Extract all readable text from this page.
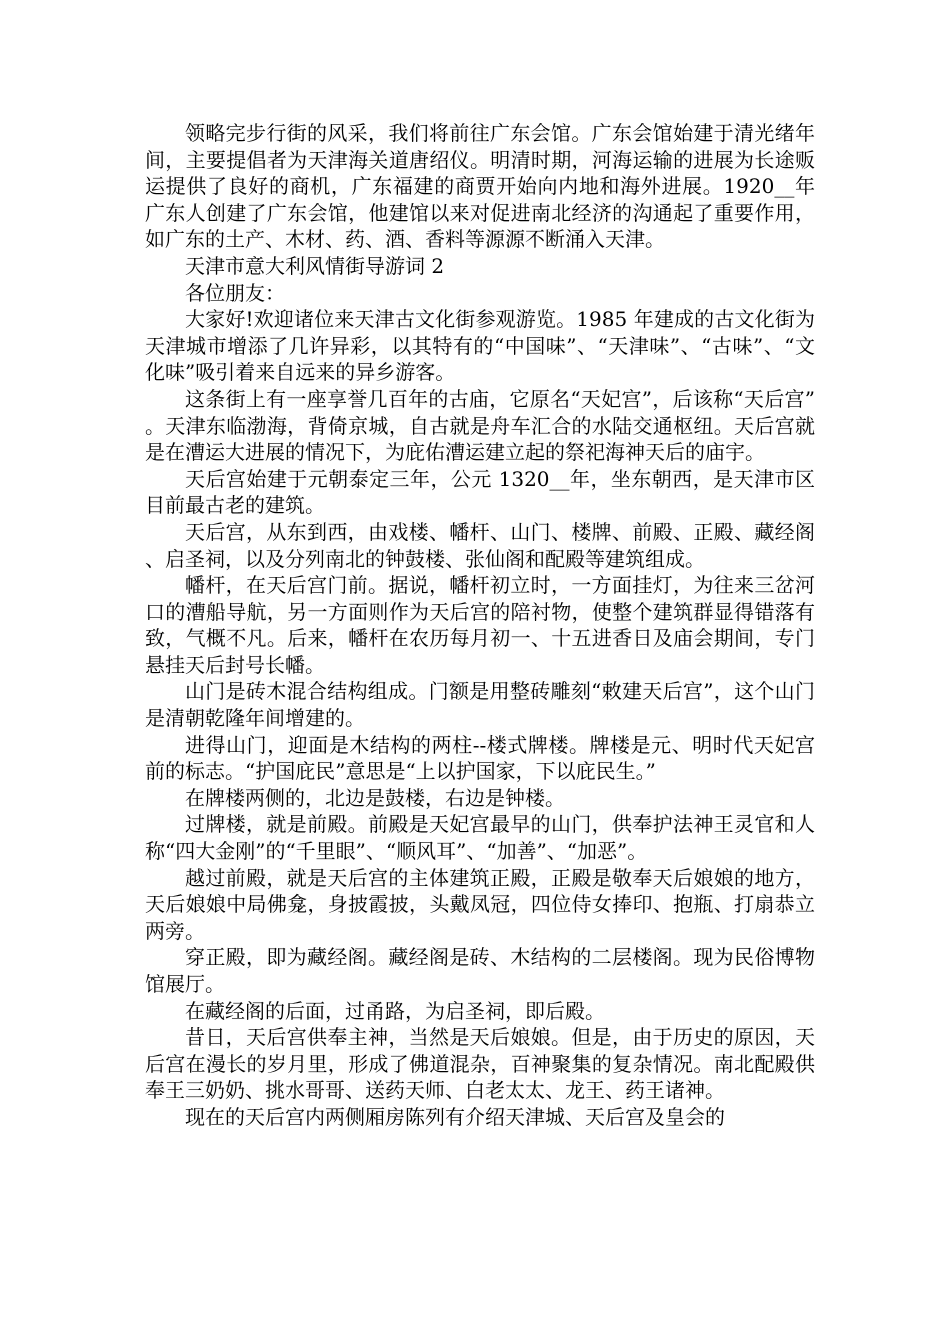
领略完步行街的风采，我们将前往广东会馆。广东会馆始建于清光绪年间，主要提倡者为天津海关道唐绍仪。明清时期，河海运输的进展为长途贩运提供了良好的商机，广东福建的商贾开始向内地和海外进展。1920__年广东人创建了广东会馆，他建馆以来对促进南北经济的沟通起了重要作用，如广东的土产、木材、药、酒、香料等源源不断涌入天津。

天津市意大利风情街导游词 2

各位朋友：

大家好!欢迎诸位来天津古文化街参观游览。1985 年建成的古文化街为天津城市增添了几许异彩，以其特有的“中国味”、“天津味”、“古味”、“文化味”吸引着来自远来的异乡游客。

这条街上有一座享誉几百年的古庙，它原名“天妃宫”，后该称“天后宫”。天津东临渤海，背倚京城，自古就是舟车汇合的水陆交通枢纽。天后宫就是在漕运大进展的情况下，为庇佑漕运建立起的祭祀海神天后的庙宇。

天后宫始建于元朝泰定三年，公元 1320__年，坐东朝西，是天津市区目前最古老的建筑。

天后宫，从东到西，由戏楼、幡杆、山门、楼牌、前殿、正殿、藏经阁、启圣祠，以及分列南北的钟鼓楼、张仙阁和配殿等建筑组成。

幡杆，在天后宫门前。据说，幡杆初立时，一方面挂灯，为往来三岔河口的漕船导航，另一方面则作为天后宫的陪衬物，使整个建筑群显得错落有致，气概不凡。后来，幡杆在农历每月初一、十五进香日及庙会期间，专门悬挂天后封号长幡。

山门是砖木混合结构组成。门额是用整砖雕刻“敕建天后宫”，这个山门是清朝乾隆年间增建的。

进得山门，迎面是木结构的两柱--楼式牌楼。牌楼是元、明时代天妃宫前的标志。“护国庇民”意思是“上以护国家，下以庇民生。”

在牌楼两侧的，北边是鼓楼，右边是钟楼。

过牌楼，就是前殿。前殿是天妃宫最早的山门，供奉护法神王灵官和人称“四大金刚”的“千里眼”、“顺风耳”、“加善”、“加恶”。

越过前殿，就是天后宫的主体建筑正殿，正殿是敬奉天后娘娘的地方，天后娘娘中局佛龛，身披霞披，头戴凤冠，四位侍女捧印、抱瓶、打扇恭立两旁。

穿正殿，即为藏经阁。藏经阁是砖、木结构的二层楼阁。现为民俗博物馆展厅。

在藏经阁的后面，过甬路，为启圣祠，即后殿。

昔日，天后宫供奉主神，当然是天后娘娘。但是，由于历史的原因，天后宫在漫长的岁月里，形成了佛道混杂，百神聚集的复杂情况。南北配殿供奉王三奶奶、挑水哥哥、送药天师、白老太太、龙王、药王诸神。

现在的天后宫内两侧厢房陈列有介绍天津城、天后宫及皇会的
